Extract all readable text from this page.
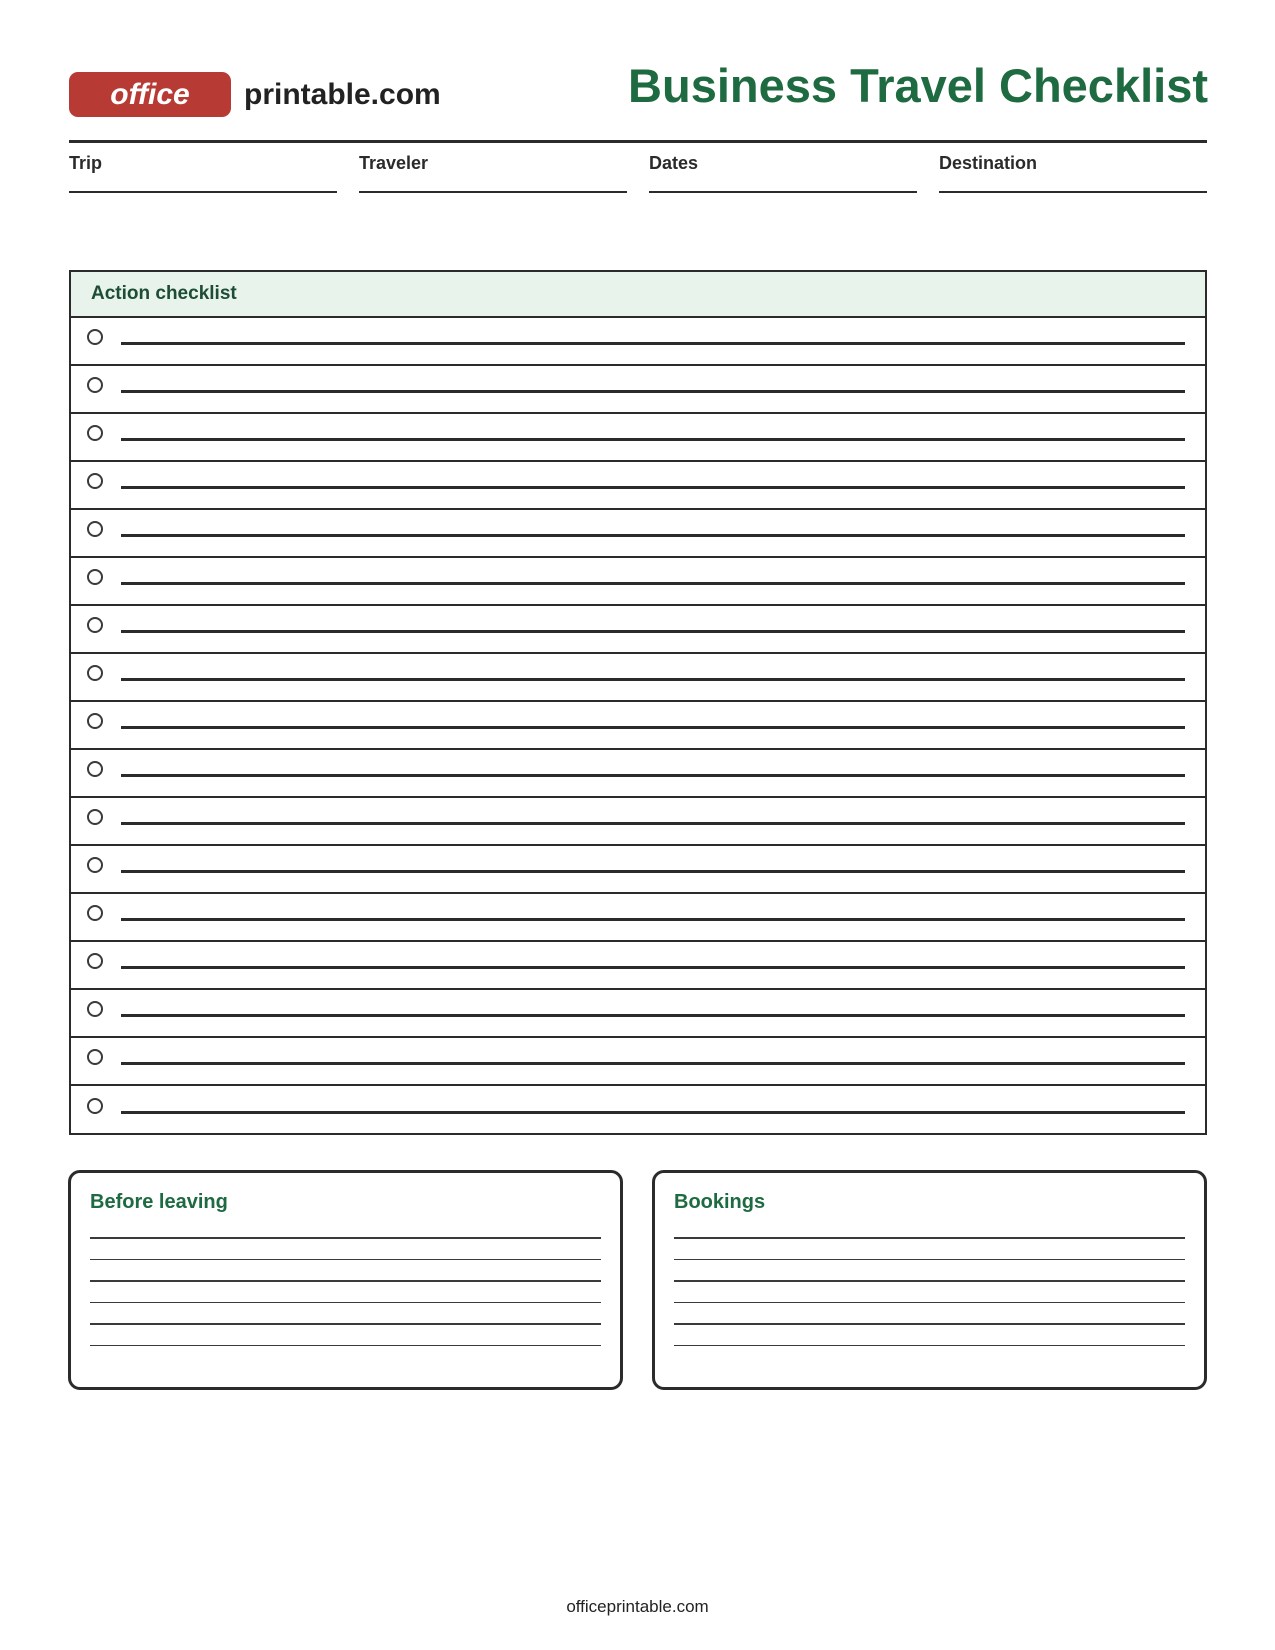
office	printable.com	Business Travel Checklist
Trip	Traveler	Dates	Destination
Action checklist
Before leaving	Bookings
officeprintable.com
